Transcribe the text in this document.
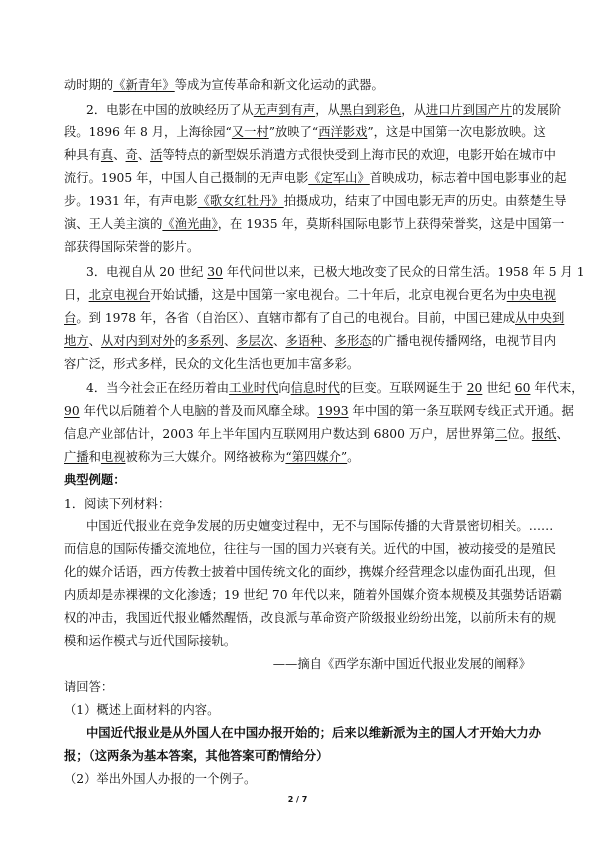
动时期的《新青年》等成为宣传革命和新文化运动的武器。
2．电影在中国的放映经历了从无声到有声，从黑白到彩色，从进口片到国产片的发展阶
段。1896 年 8 月，上海徐园“又一村”放映了“西洋影戏”，这是中国第一次电影放映。这
种具有真、奇、活等特点的新型娱乐消遣方式很快受到上海市民的欢迎，电影开始在城市中
流行。1905 年，中国人自己摄制的无声电影《定军山》首映成功，标志着中国电影事业的起
步。1931 年，有声电影《歌女红牡丹》拍摄成功，结束了中国电影无声的历史。由蔡楚生导
演、王人美主演的《渔光曲》，在 1935 年，莫斯科国际电影节上获得荣誉奖，这是中国第一
部获得国际荣誉的影片。
3．电视自从 20 世纪 30 年代问世以来，已极大地改变了民众的日常生活。1958 年 5 月 1
日，北京电视台开始试播，这是中国第一家电视台。二十年后，北京电视台更名为中央电视
台。到 1978 年，各省（自治区）、直辖市都有了自己的电视台。目前，中国已建成从中央到
地方、从对内到对外的多系列、多层次、多语种、多形态的广播电视传播网络，电视节目内
容广泛，形式多样，民众的文化生活也更加丰富多彩。
4．当今社会正在经历着由工业时代向信息时代的巨变。互联网诞生于 20 世纪 60 年代末，
90 年代以后随着个人电脑的普及而风靡全球。1993 年中国的第一条互联网专线正式开通。据
信息产业部估计，2003 年上半年国内互联网用户数达到 6800 万户，居世界第二位。报纸、
广播和电视被称为三大媒介。网络被称为“第四媒介”。
典型例题：
1．阅读下列材料：
中国近代报业在竞争发展的历史嬗变过程中，无不与国际传播的大背景密切相关。……
而信息的国际传播交流地位，往往与一国的国力兴衰有关。近代的中国，被动接受的是殖民
化的媒介话语，西方传教士披着中国传统文化的面纱，携媒介经营理念以虚伪面孔出现，但
内质却是赤裸裸的文化渗透；19 世纪 70 年代以来，随着外国媒介资本规模及其强势话语霸
权的冲击，我国近代报业幡然醒悟，改良派与革命资产阶级报业纷纷出笼，以前所未有的规
模和运作模式与近代国际接轨。
——摘自《西学东渐中国近代报业发展的阐释》
请回答：
（1）概述上面材料的内容。
中国近代报业是从外国人在中国办报开始的；后来以维新派为主的国人才开始大力办
报；（这两条为基本答案，其他答案可酌情给分）
（2）举出外国人办报的一个例子。
2 / 7
